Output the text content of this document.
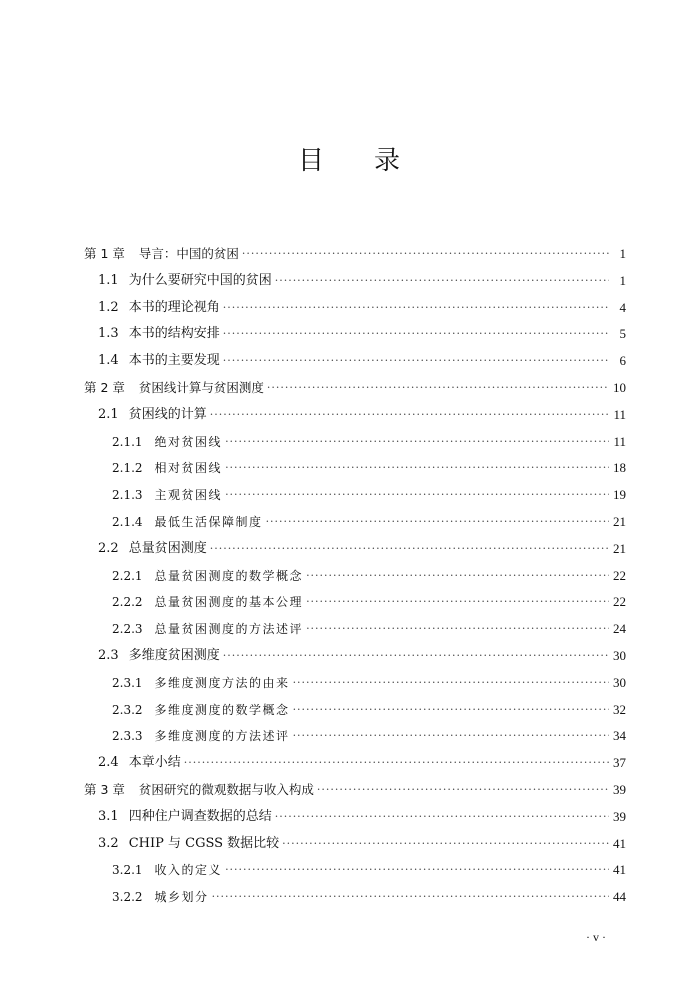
目 录
第 1 章 导言：中国的贫困 ·····	1
1.1 为什么要研究中国的贫困 ·····	1
1.2 本书的理论视角 ·····	4
1.3 本书的结构安排 ·····	5
1.4 本书的主要发现 ·····	6
第 2 章 贫困线计算与贫困测度 ·····	10
2.1 贫困线的计算 ·····	11
2.1.1 绝对贫困线 ·····	11
2.1.2 相对贫困线 ·····	18
2.1.3 主观贫困线 ·····	19
2.1.4 最低生活保障制度 ·····	21
2.2 总量贫困测度 ·····	21
2.2.1 总量贫困测度的数学概念 ·····	22
2.2.2 总量贫困测度的基本公理 ·····	22
2.2.3 总量贫困测度的方法述评 ·····	24
2.3 多维度贫困测度 ·····	30
2.3.1 多维度测度方法的由来 ·····	30
2.3.2 多维度测度的数学概念 ·····	32
2.3.3 多维度测度的方法述评 ·····	34
2.4 本章小结 ·····	37
第 3 章 贫困研究的微观数据与收入构成 ·····	39
3.1 四种住户调查数据的总结 ·····	39
3.2 CHIP 与 CGSS 数据比较 ·····	41
3.2.1 收入的定义 ·····	41
3.2.2 城乡划分 ·····	44
· v ·
